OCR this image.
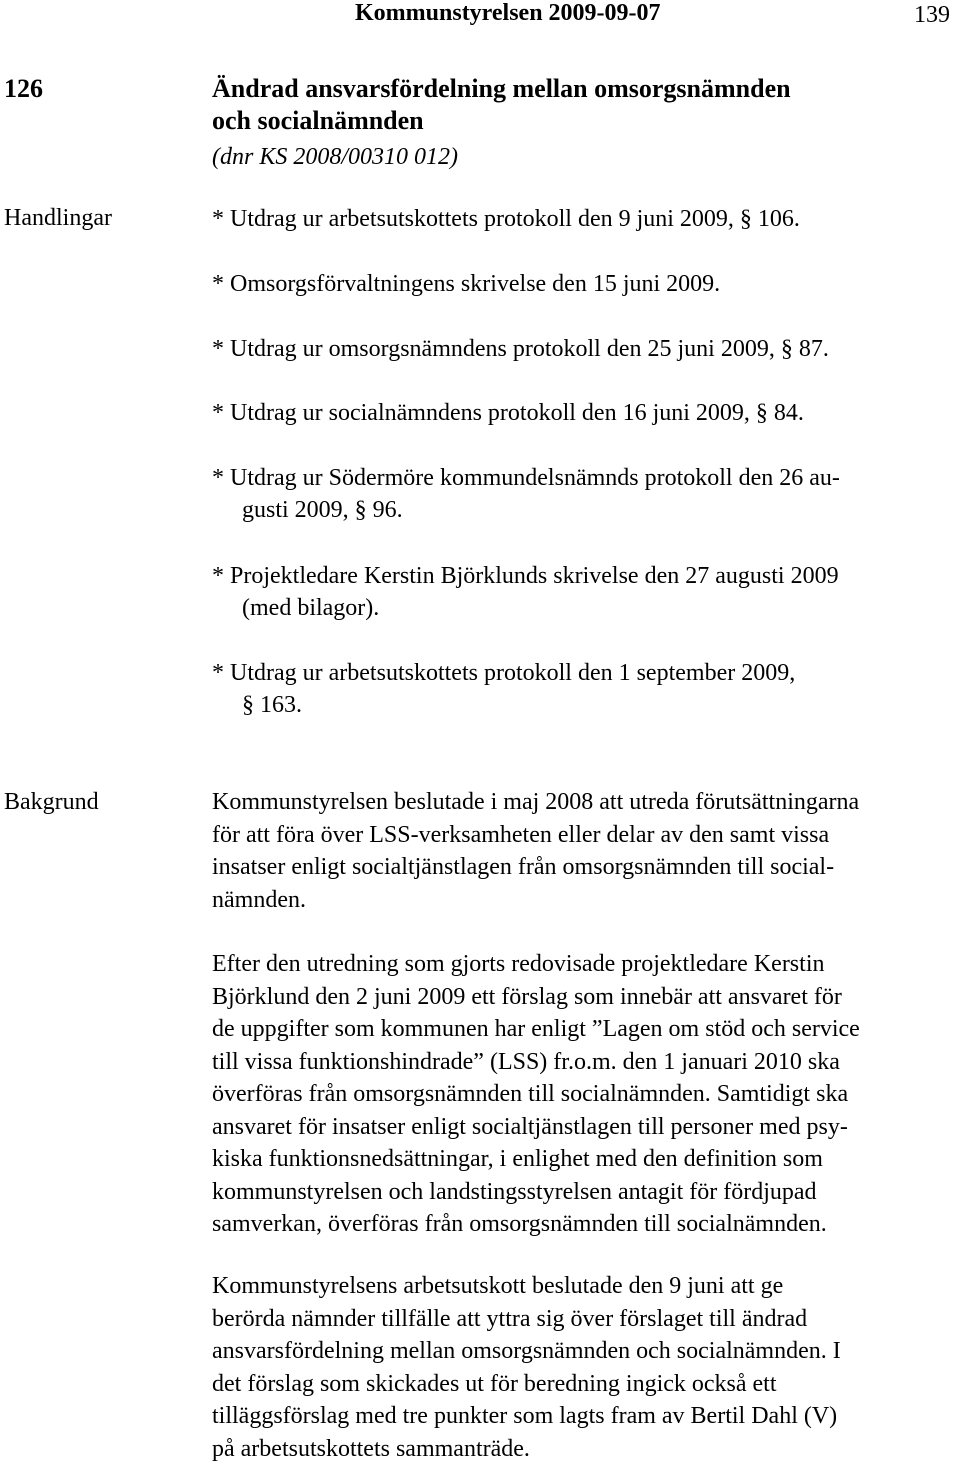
Kommunstyrelsen 2009-09-07	139
126	Ändrad ansvarsfördelning mellan omsorgsnämnden
och socialnämnden
(dnr KS 2008/00310 012)
Handlingar	* Utdrag ur arbetsutskottets protokoll den 9 juni 2009, § 106.
* Omsorgsförvaltningens skrivelse den 15 juni 2009.
* Utdrag ur omsorgsnämndens protokoll den 25 juni 2009, § 87.
* Utdrag ur socialnämndens protokoll den 16 juni 2009, § 84.
* Utdrag ur Södermöre kommundelsnämnds protokoll den 26 au-
gusti 2009, § 96.
* Projektledare Kerstin Björklunds skrivelse den 27 augusti 2009
(med bilagor).
* Utdrag ur arbetsutskottets protokoll den 1 september 2009,
§ 163.
Bakgrund	Kommunstyrelsen beslutade i maj 2008 att utreda förutsättningarna
för att föra över LSS-verksamheten eller delar av den samt vissa
insatser enligt socialtjänstlagen från omsorgsnämnden till social-
nämnden.
Efter den utredning som gjorts redovisade projektledare Kerstin
Björklund den 2 juni 2009 ett förslag som innebär att ansvaret för
de uppgifter som kommunen har enligt ”Lagen om stöd och service
till vissa funktionshindrade” (LSS) fr.o.m. den 1 januari 2010 ska
överföras från omsorgsnämnden till socialnämnden. Samtidigt ska
ansvaret för insatser enligt socialtjänstlagen till personer med psy-
kiska funktionsnedsättningar, i enlighet med den definition som
kommunstyrelsen och landstingsstyrelsen antagit för fördjupad
samverkan, överföras från omsorgsnämnden till socialnämnden.
Kommunstyrelsens arbetsutskott beslutade den 9 juni att ge
berörda nämnder tillfälle att yttra sig över förslaget till ändrad
ansvarsfördelning mellan omsorgsnämnden och socialnämnden. I
det förslag som skickades ut för beredning ingick också ett
tilläggsförslag med tre punkter som lagts fram av Bertil Dahl (V)
på arbetsutskottets sammanträde.
